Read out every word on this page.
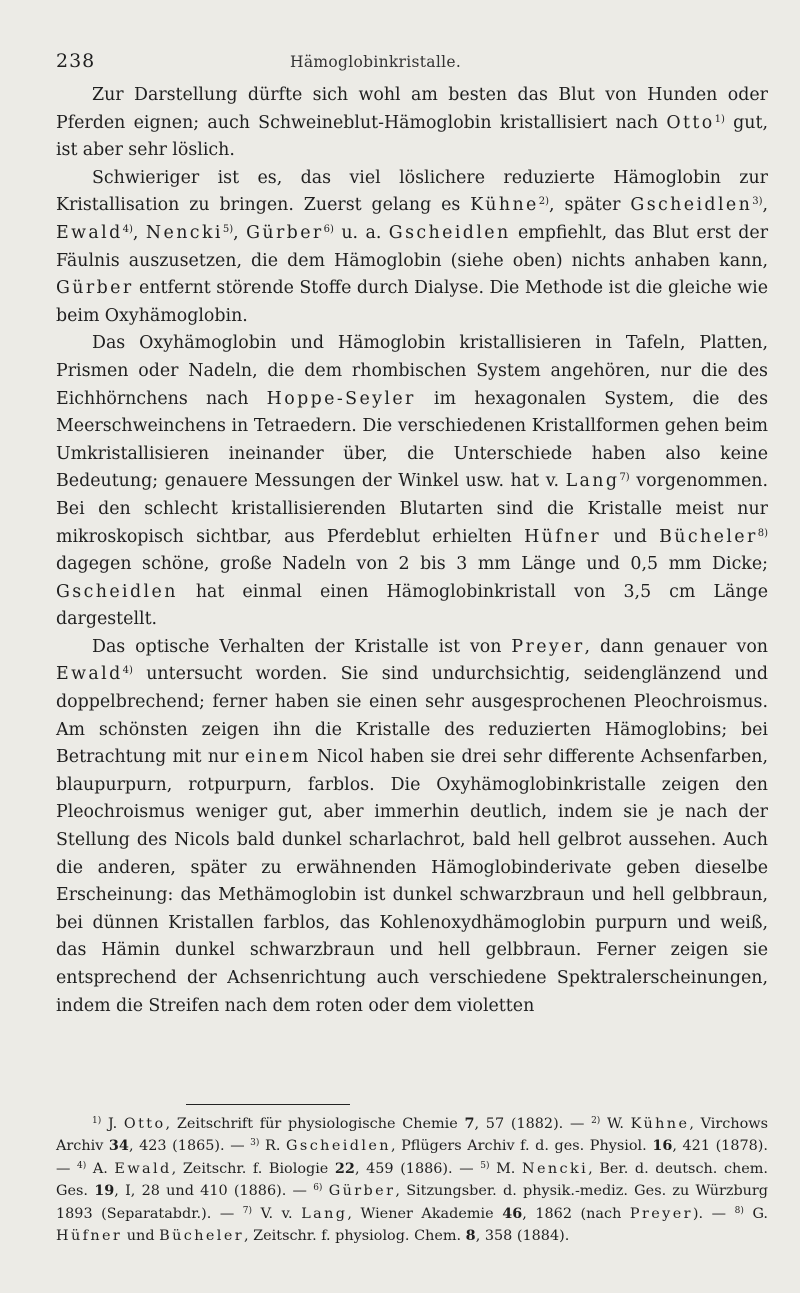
238	Hämoglobinkristalle.

Zur Darstellung dürfte sich wohl am besten das Blut von Hunden oder Pferden eignen; auch Schweineblut-Hämoglobin kristallisiert nach Otto$^{1)}$ gut, ist aber sehr löslich.

Schwieriger ist es, das viel löslichere reduzierte Hämoglobin zur Kristallisation zu bringen. Zuerst gelang es Kühne$^{2)}$, später Gscheidlen$^{3)}$, Ewald$^{4)}$, Nencki$^{5)}$, Gürber$^{6)}$ u. a. Gscheidlen empfiehlt, das Blut erst der Fäulnis auszusetzen, die dem Hämoglobin (siehe oben) nichts anhaben kann, Gürber entfernt störende Stoffe durch Dialyse. Die Methode ist die gleiche wie beim Oxyhämoglobin.

Das Oxyhämoglobin und Hämoglobin kristallisieren in Tafeln, Platten, Prismen oder Nadeln, die dem rhombischen System angehören, nur die des Eichhörnchens nach Hoppe-Seyler im hexagonalen System, die des Meerschweinchens in Tetraedern. Die verschiedenen Kristallformen gehen beim Umkristallisieren ineinander über, die Unterschiede haben also keine Bedeutung; genauere Messungen der Winkel usw. hat v. Lang$^{7)}$ vorgenommen. Bei den schlecht kristallisierenden Blutarten sind die Kristalle meist nur mikroskopisch sichtbar, aus Pferdeblut erhielten Hüfner und Bücheler$^{8)}$ dagegen schöne, große Nadeln von 2 bis 3 mm Länge und 0,5 mm Dicke; Gscheidlen hat einmal einen Hämoglobinkristall von 3,5 cm Länge dargestellt.

Das optische Verhalten der Kristalle ist von Preyer, dann genauer von Ewald$^{4)}$ untersucht worden. Sie sind undurchsichtig, seidenglänzend und doppelbrechend; ferner haben sie einen sehr ausgesprochenen Pleochroismus. Am schönsten zeigen ihn die Kristalle des reduzierten Hämoglobins; bei Betrachtung mit nur einem Nicol haben sie drei sehr differente Achsenfarben, blaupurpurn, rotpurpurn, farblos. Die Oxyhämoglobinkristalle zeigen den Pleochroismus weniger gut, aber immerhin deutlich, indem sie je nach der Stellung des Nicols bald dunkel scharlachrot, bald hell gelbrot aussehen. Auch die anderen, später zu erwähnenden Hämoglobinderivate geben dieselbe Erscheinung: das Methämoglobin ist dunkel schwarzbraun und hell gelbbraun, bei dünnen Kristallen farblos, das Kohlenoxydhämoglobin purpurn und weiß, das Hämin dunkel schwarzbraun und hell gelbbraun. Ferner zeigen sie entsprechend der Achsenrichtung auch verschiedene Spektralerscheinungen, indem die Streifen nach dem roten oder dem violetten

$^{1)}$ J. Otto, Zeitschrift für physiologische Chemie 7, 57 (1882). — $^{2)}$ W. Kühne, Virchows Archiv 34, 423 (1865). — $^{3)}$ R. Gscheidlen, Pflügers Archiv f. d. ges. Physiol. 16, 421 (1878). — $^{4)}$ A. Ewald, Zeitschr. f. Biologie 22, 459 (1886). — $^{5)}$ M. Nencki, Ber. d. deutsch. chem. Ges. 19, I, 28 und 410 (1886). — $^{6)}$ Gürber, Sitzungsber. d. physik.-mediz. Ges. zu Würzburg 1893 (Separatabdr.). — $^{7)}$ V. v. Lang, Wiener Akademie 46, 1862 (nach Preyer). — $^{8)}$ G. Hüfner und Bücheler, Zeitschr. f. physiolog. Chem. 8, 358 (1884).
